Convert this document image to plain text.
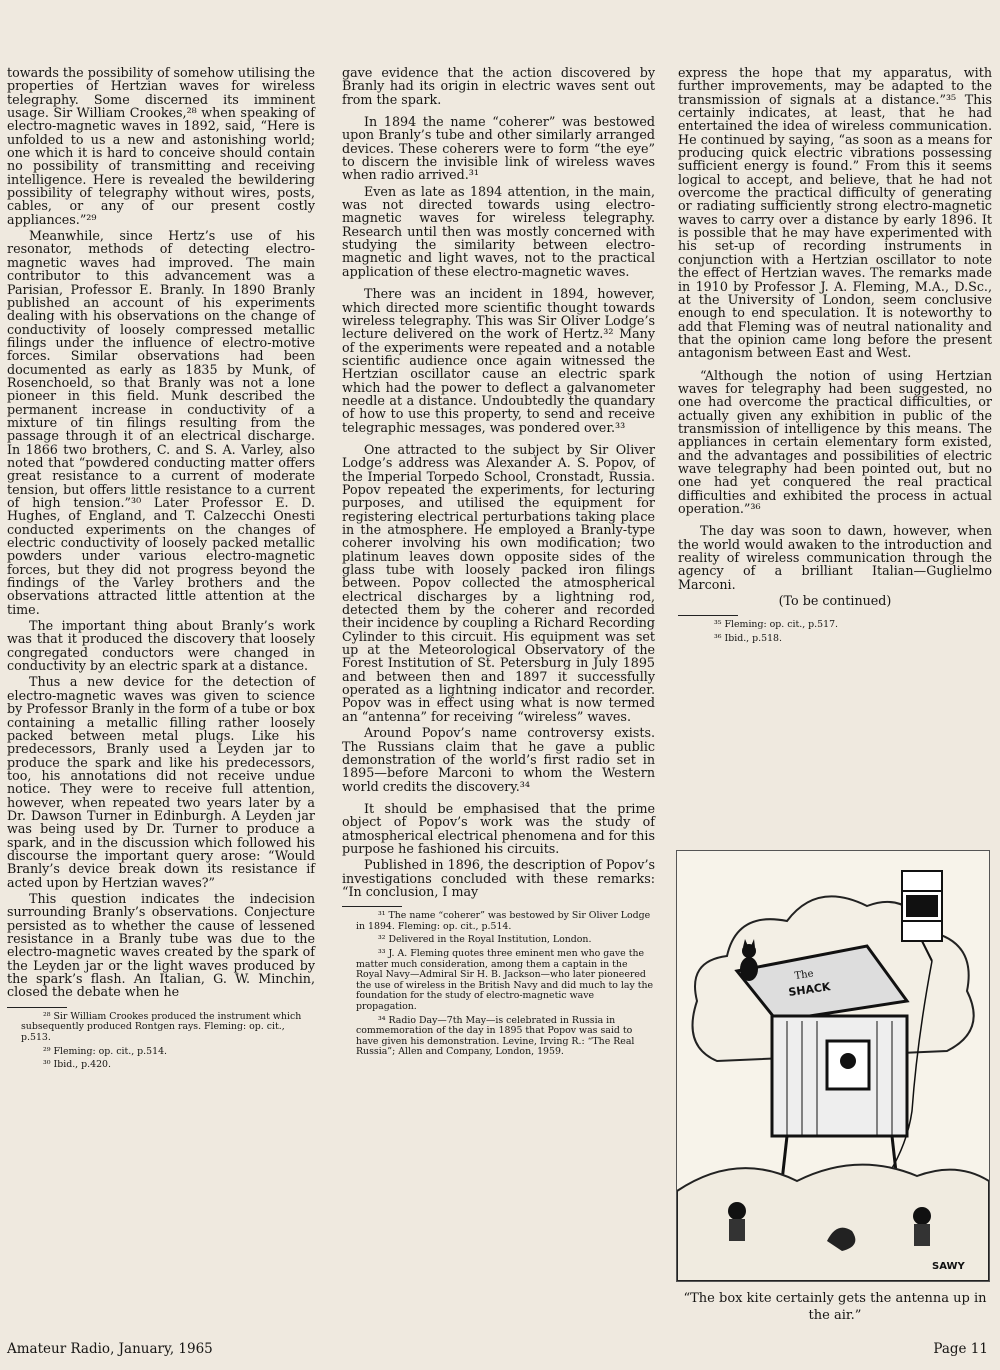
towards the possibility of somehow utilising the properties of Hertzian waves for wireless telegraphy. Some discerned its imminent usage. Sir William Crookes,²⁸ when speaking of electro-magnetic waves in 1892, said, “Here is unfolded to us a new and astonishing world; one which it is hard to conceive should contain no possibility of transmitting and receiving intelligence. Here is revealed the bewildering possibility of telegraphy without wires, posts, cables, or any of our present costly appliances.”²⁹

Meanwhile, since Hertz’s use of his resonator, methods of detecting electro-magnetic waves had improved. The main contributor to this advancement was a Parisian, Professor E. Branly. In 1890 Branly published an account of his experiments dealing with his observations on the change of conductivity of loosely compressed metallic filings under the influence of electro-motive forces. Similar observations had been documented as early as 1835 by Munk, of Rosenchoeld, so that Branly was not a lone pioneer in this field. Munk described the permanent increase in conductivity of a mixture of tin filings resulting from the passage through it of an electrical discharge. In 1866 two brothers, C. and S. A. Varley, also noted that “powdered conducting matter offers great resistance to a current of moderate tension, but offers little resistance to a current of high tension.”³⁰ Later Professor E. D. Hughes, of England, and T. Calzecchi Onesti conducted experiments on the changes of electric conductivity of loosely packed metallic powders under various electro-magnetic forces, but they did not progress beyond the findings of the Varley brothers and the observations attracted little attention at the time.

The important thing about Branly’s work was that it produced the discovery that loosely congregated conductors were changed in conductivity by an electric spark at a distance.

Thus a new device for the detection of electro-magnetic waves was given to science by Professor Branly in the form of a tube or box containing a metallic filling rather loosely packed between metal plugs. Like his predecessors, Branly used a Leyden jar to produce the spark and like his predecessors, too, his annotations did not receive undue notice. They were to receive full attention, however, when repeated two years later by a Dr. Dawson Turner in Edinburgh. A Leyden jar was being used by Dr. Turner to produce a spark, and in the discussion which followed his discourse the important query arose: “Would Branly’s device break down its resistance if acted upon by Hertzian waves?”

This question indicates the indecision surrounding Branly’s observations. Conjecture persisted as to whether the cause of lessened resistance in a Branly tube was due to the electro-magnetic waves created by the spark of the Leyden jar or the light waves produced by the spark’s flash. An Italian, G. W. Minchin, closed the debate when he

²⁸ Sir William Crookes produced the instrument which subsequently produced Rontgen rays. Fleming: op. cit., p.513.

²⁹ Fleming: op. cit., p.514.

³⁰ Ibid., p.420.

gave evidence that the action discovered by Branly had its origin in electric waves sent out from the spark.

In 1894 the name “coherer” was bestowed upon Branly’s tube and other similarly arranged devices. These coherers were to form “the eye” to discern the invisible link of wireless waves when radio arrived.³¹

Even as late as 1894 attention, in the main, was not directed towards using electro-magnetic waves for wireless telegraphy. Research until then was mostly concerned with studying the similarity between electro-magnetic and light waves, not to the practical application of these electro-magnetic waves.

There was an incident in 1894, however, which directed more scientific thought towards wireless telegraphy. This was Sir Oliver Lodge’s lecture delivered on the work of Hertz.³² Many of the experiments were repeated and a notable scientific audience once again witnessed the Hertzian oscillator cause an electric spark which had the power to deflect a galvanometer needle at a distance. Undoubtedly the quandary of how to use this property, to send and receive telegraphic messages, was pondered over.³³

One attracted to the subject by Sir Oliver Lodge’s address was Alexander A. S. Popov, of the Imperial Torpedo School, Cronstadt, Russia. Popov repeated the experiments, for lecturing purposes, and utilised the equipment for registering electrical perturbations taking place in the atmosphere. He employed a Branly-type coherer involving his own modification; two platinum leaves down opposite sides of the glass tube with loosely packed iron filings between. Popov collected the atmospherical electrical discharges by a lightning rod, detected them by the coherer and recorded their incidence by coupling a Richard Recording Cylinder to this circuit. His equipment was set up at the Meteorological Observatory of the Forest Institution of St. Petersburg in July 1895 and between then and 1897 it successfully operated as a lightning indicator and recorder. Popov was in effect using what is now termed an “antenna” for receiving “wireless” waves.

Around Popov’s name controversy exists. The Russians claim that he gave a public demonstration of the world’s first radio set in 1895—before Marconi to whom the Western world credits the discovery.³⁴

It should be emphasised that the prime object of Popov’s work was the study of atmospherical electrical phenomena and for this purpose he fashioned his circuits.

Published in 1896, the description of Popov’s investigations concluded with these remarks: “In conclusion, I may

³¹ The name “coherer” was bestowed by Sir Oliver Lodge in 1894. Fleming: op. cit., p.514.

³² Delivered in the Royal Institution, London.

³³ J. A. Fleming quotes three eminent men who gave the matter much consideration, among them a captain in the Royal Navy—Admiral Sir H. B. Jackson—who later pioneered the use of wireless in the British Navy and did much to lay the foundation for the study of electro-magnetic wave propagation.

³⁴ Radio Day—7th May—is celebrated in Russia in commemoration of the day in 1895 that Popov was said to have given his demonstration. Levine, Irving R.: “The Real Russia”; Allen and Company, London, 1959.

express the hope that my apparatus, with further improvements, may be adapted to the transmission of signals at a distance.”³⁵ This certainly indicates, at least, that he had entertained the idea of wireless communication. He continued by saying, “as soon as a means for producing quick electric vibrations possessing sufficient energy is found.” From this it seems logical to accept, and believe, that he had not overcome the practical difficulty of generating or radiating sufficiently strong electro-magnetic waves to carry over a distance by early 1896. It is possible that he may have experimented with his set-up of recording instruments in conjunction with a Hertzian oscillator to note the effect of Hertzian waves. The remarks made in 1910 by Professor J. A. Fleming, M.A., D.Sc., at the University of London, seem conclusive enough to end speculation. It is noteworthy to add that Fleming was of neutral nationality and that the opinion came long before the present antagonism between East and West.

“Although the notion of using Hertzian waves for telegraphy had been suggested, no one had overcome the practical difficulties, or actually given any exhibition in public of the transmission of intelligence by this means. The appliances in certain elementary form existed, and the advantages and possibilities of electric wave telegraphy had been pointed out, but no one had yet conquered the real practical difficulties and exhibited the process in actual operation.”³⁶

The day was soon to dawn, however, when the world would awaken to the introduction and reality of wireless communication through the agency of a brilliant Italian—Guglielmo Marconi.

(To be continued)

³⁵ Fleming: op. cit., p.517.

³⁶ Ibid., p.518.

The
SHACK
SAWY
“The box kite certainly gets the antenna up in the air.”
Amateur Radio, January, 1965	Page 11
